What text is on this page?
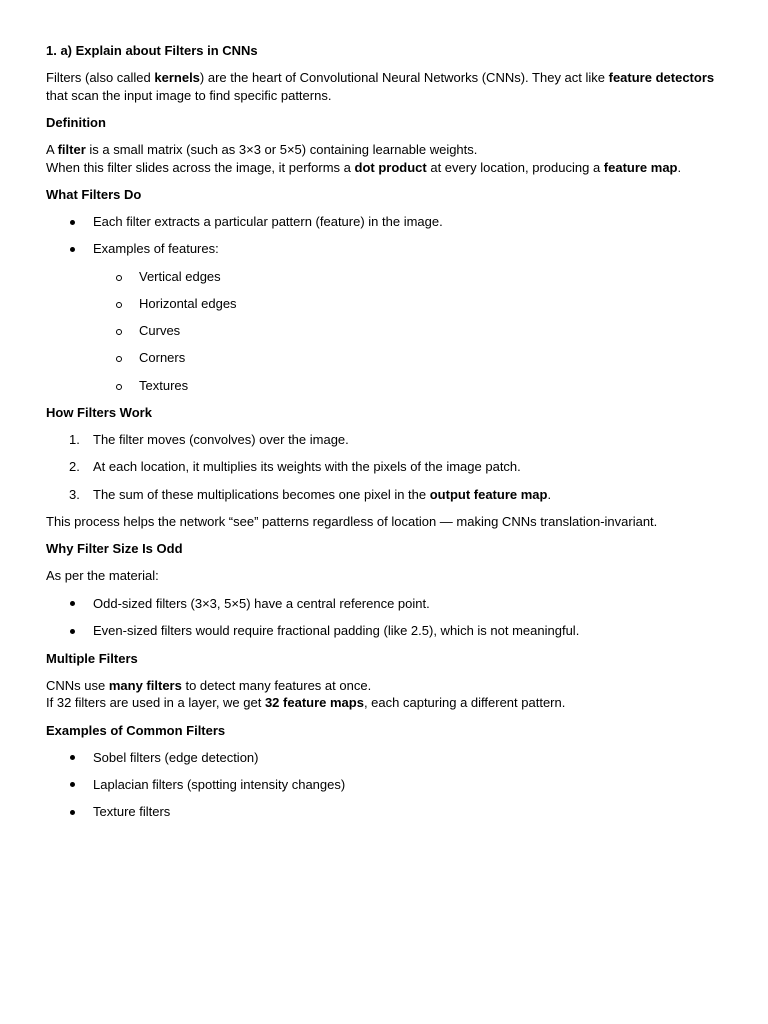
1. a) Explain about Filters in CNNs
Filters (also called kernels) are the heart of Convolutional Neural Networks (CNNs). They act like feature detectors
that scan the input image to find specific patterns.
Definition
A filter is a small matrix (such as 3×3 or 5×5) containing learnable weights.
When this filter slides across the image, it performs a dot product at every location, producing a feature map.
What Filters Do
Each filter extracts a particular pattern (feature) in the image.
Examples of features:
Vertical edges
Horizontal edges
Curves
Corners
Textures
How Filters Work
1. The filter moves (convolves) over the image.
2. At each location, it multiplies its weights with the pixels of the image patch.
3. The sum of these multiplications becomes one pixel in the output feature map.
This process helps the network “see” patterns regardless of location — making CNNs translation-invariant.
Why Filter Size Is Odd
As per the material:
Odd-sized filters (3×3, 5×5) have a central reference point.
Even-sized filters would require fractional padding (like 2.5), which is not meaningful.
Multiple Filters
CNNs use many filters to detect many features at once.
If 32 filters are used in a layer, we get 32 feature maps, each capturing a different pattern.
Examples of Common Filters
Sobel filters (edge detection)
Laplacian filters (spotting intensity changes)
Texture filters
